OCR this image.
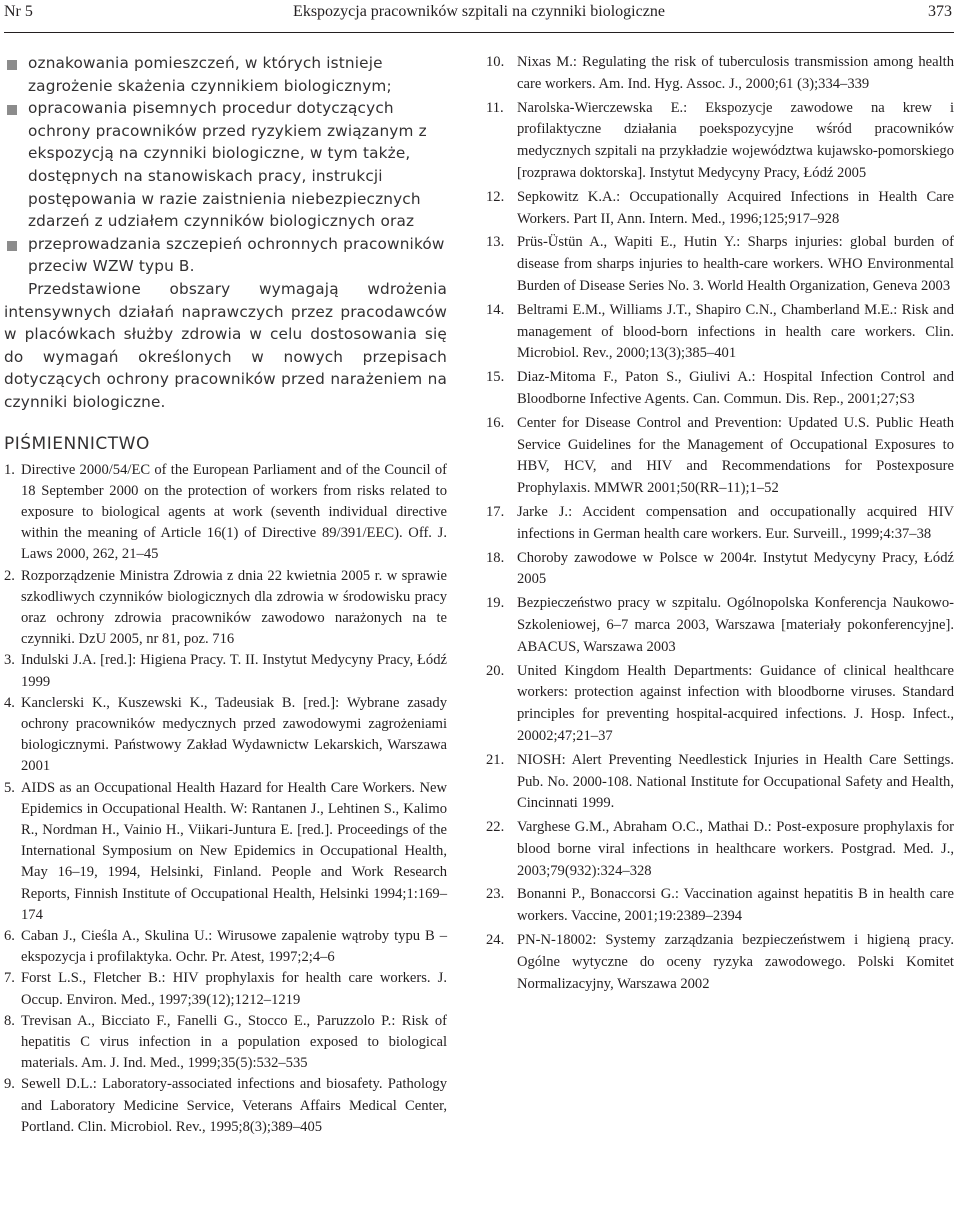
Nr 5	Ekspozycja pracowników szpitali na czynniki biologiczne	373

oznakowania pomieszczeń, w których istnieje zagrożenie skażenia czynnikiem biologicznym;

opracowania pisemnych procedur dotyczących ochrony pracowników przed ryzykiem związanym z ekspozycją na czynniki biologiczne, w tym także, dostępnych na stanowiskach pracy, instrukcji postępowania w razie zaistnienia niebezpiecznych zdarzeń z udziałem czynników biologicznych oraz

przeprowadzania szczepień ochronnych pracowników przeciw WZW typu B.

Przedstawione obszary wymagają wdrożenia intensywnych działań naprawczych przez pracodawców w placówkach służby zdrowia w celu dostosowania się do wymagań określonych w nowych przepisach dotyczących ochrony pracowników przed narażeniem na czynniki biologiczne.

PIŚMIENNICTWO
1. Directive 2000/54/EC of the European Parliament and of the Council of 18 September 2000 on the protection of workers from risks related to exposure to biological agents at work (seventh individual directive within the meaning of Article 16(1) of Directive 89/391/EEC). Off. J. Laws 2000, 262, 21–45
2. Rozporządzenie Ministra Zdrowia z dnia 22 kwietnia 2005 r. w sprawie szkodliwych czynników biologicznych dla zdrowia w środowisku pracy oraz ochrony zdrowia pracowników zawodowo narażonych na te czynniki. DzU 2005, nr 81, poz. 716
3. Indulski J.A. [red.]: Higiena Pracy. T. II. Instytut Medycyny Pracy, Łódź 1999
4. Kanclerski K., Kuszewski K., Tadeusiak B. [red.]: Wybrane zasady ochrony pracowników medycznych przed zawodowymi zagrożeniami biologicznymi. Państwowy Zakład Wydawnictw Lekarskich, Warszawa 2001
5. AIDS as an Occupational Health Hazard for Health Care Workers. New Epidemics in Occupational Health. W: Rantanen J., Lehtinen S., Kalimo R., Nordman H., Vainio H., Viikari-Juntura E. [red.]. Proceedings of the International Symposium on New Epidemics in Occupational Health, May 16–19, 1994, Helsinki, Finland. People and Work Research Reports, Finnish Institute of Occupational Health, Helsinki 1994;1:169–174
6. Caban J., Cieśla A., Skulina U.: Wirusowe zapalenie wątroby typu B – ekspozycja i profilaktyka. Ochr. Pr. Atest, 1997;2;4–6
7. Forst L.S., Fletcher B.: HIV prophylaxis for health care workers. J. Occup. Environ. Med., 1997;39(12);1212–1219
8. Trevisan A., Bicciato F., Fanelli G., Stocco E., Paruzzolo P.: Risk of hepatitis C virus infection in a population exposed to biological materials. Am. J. Ind. Med., 1999;35(5):532–535
9. Sewell D.L.: Laboratory-associated infections and biosafety. Pathology and Laboratory Medicine Service, Veterans Affairs Medical Center, Portland. Clin. Microbiol. Rev., 1995;8(3);389–405
10. Nixas M.: Regulating the risk of tuberculosis transmission among health care workers. Am. Ind. Hyg. Assoc. J., 2000;61 (3);334–339
11. Narolska-Wierczewska E.: Ekspozycje zawodowe na krew i profilaktyczne działania poekspozycyjne wśród pracowników medycznych szpitali na przykładzie województwa kujawsko-pomorskiego [rozprawa doktorska]. Instytut Medycyny Pracy, Łódź 2005
12. Sepkowitz K.A.: Occupationally Acquired Infections in Health Care Workers. Part II, Ann. Intern. Med., 1996;125;917–928
13. Prüs-Üstün A., Wapiti E., Hutin Y.: Sharps injuries: global burden of disease from sharps injuries to health-care workers. WHO Environmental Burden of Disease Series No. 3. World Health Organization, Geneva 2003
14. Beltrami E.M., Williams J.T., Shapiro C.N., Chamberland M.E.: Risk and management of blood-born infections in health care workers. Clin. Microbiol. Rev., 2000;13(3);385–401
15. Diaz-Mitoma F., Paton S., Giulivi A.: Hospital Infection Control and Bloodborne Infective Agents. Can. Commun. Dis. Rep., 2001;27;S3
16. Center for Disease Control and Prevention: Updated U.S. Public Heath Service Guidelines for the Management of Occupational Exposures to HBV, HCV, and HIV and Recommendations for Postexposure Prophylaxis. MMWR 2001;50(RR–11);1–52
17. Jarke J.: Accident compensation and occupationally acquired HIV infections in German health care workers. Eur. Surveill., 1999;4:37–38
18. Choroby zawodowe w Polsce w 2004r. Instytut Medycyny Pracy, Łódź 2005
19. Bezpieczeństwo pracy w szpitalu. Ogólnopolska Konferencja Naukowo-Szkoleniowej, 6–7 marca 2003, Warszawa [materiały pokonferencyjne]. ABACUS, Warszawa 2003
20. United Kingdom Health Departments: Guidance of clinical healthcare workers: protection against infection with bloodborne viruses. Standard principles for preventing hospital-acquired infections. J. Hosp. Infect., 20002;47;21–37
21. NIOSH: Alert Preventing Needlestick Injuries in Health Care Settings. Pub. No. 2000-108. National Institute for Occupational Safety and Health, Cincinnati 1999.
22. Varghese G.M., Abraham O.C., Mathai D.: Post-exposure prophylaxis for blood borne viral infections in healthcare workers. Postgrad. Med. J., 2003;79(932):324–328
23. Bonanni P., Bonaccorsi G.: Vaccination against hepatitis B in health care workers. Vaccine, 2001;19:2389–2394
24. PN-N-18002: Systemy zarządzania bezpieczeństwem i higieną pracy. Ogólne wytyczne do oceny ryzyka zawodowego. Polski Komitet Normalizacyjny, Warszawa 2002
